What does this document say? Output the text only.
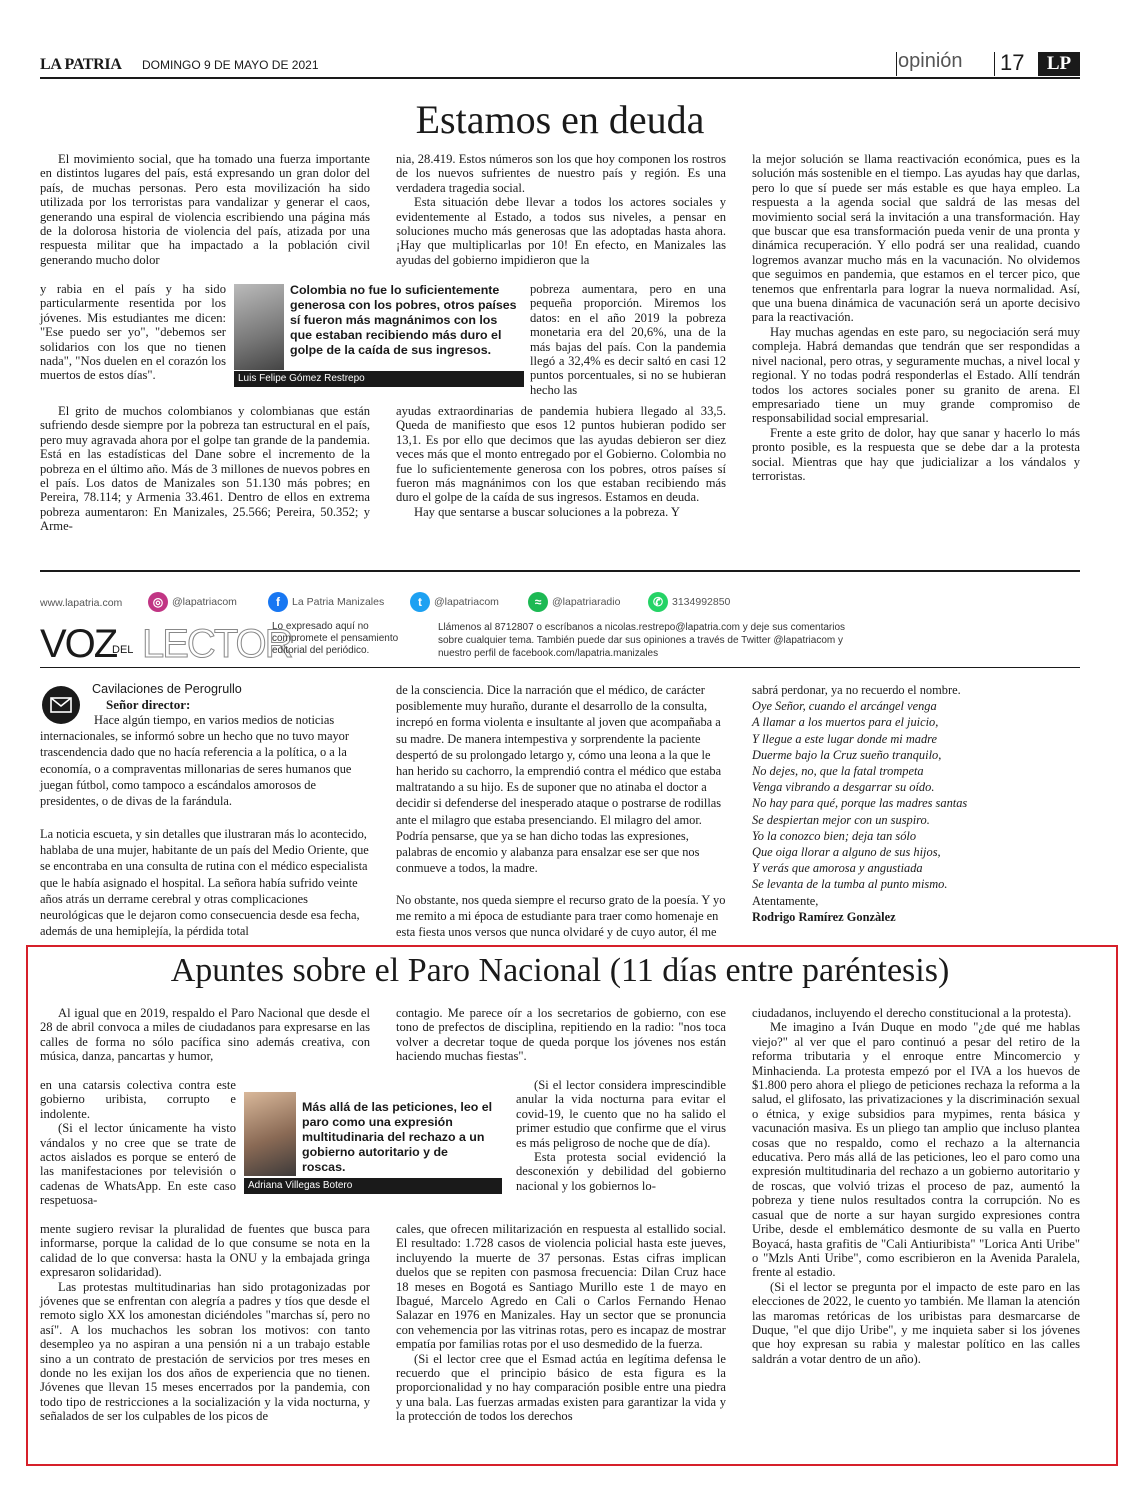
LA PATRIA DOMINGO 9 DE MAYO DE 2021	opinión 17	LP
Estamos en deuda

El movimiento social, que ha tomado una fuerza importante en distintos lugares del país, está expresando un gran dolor del país, de muchas personas. Pero esta movilización ha sido utilizada por los terroristas para vandalizar y generar el caos, generando una espiral de violencia escribiendo una página más de la dolorosa historia de violencia del país, atizada por una respuesta militar que ha impactado a la población civil generando mucho dolor

y rabia en el país y ha sido particularmente resentida por los jóvenes. Mis estudiantes me dicen: "Ese puedo ser yo", "debemos ser solidarios con los que no tienen nada", "Nos duelen en el corazón los muertos de estos días".

El grito de muchos colombianos y colombianas que están sufriendo desde siempre por la pobreza tan estructural en el país, pero muy agravada ahora por el golpe tan grande de la pandemia. Está en las estadísticas del Dane sobre el incremento de la pobreza en el último año. Más de 3 millones de nuevos pobres en el país. Los datos de Manizales son 51.130 más pobres; en Pereira, 78.114; y Armenia 33.461. Dentro de ellos en extrema pobreza aumentaron: En Manizales, 25.566; Pereira, 50.352; y Arme-

nia, 28.419. Estos números son los que hoy componen los rostros de los nuevos sufrientes de nuestro país y región. Es una verdadera tragedia social.

Esta situación debe llevar a todos los actores sociales y evidentemente al Estado, a todos sus niveles, a pensar en soluciones mucho más generosas que las adoptadas hasta ahora. ¡Hay que multiplicarlas por 10! En efecto, en Manizales las ayudas del gobierno impidieron que la

pobreza aumentara, pero en una pequeña proporción. Miremos los datos: en el año 2019 la pobreza monetaria era del 20,6%, una de la más bajas del país. Con la pandemia llegó a 32,4% es decir saltó en casi 12 puntos porcentuales, si no se hubieran hecho las

ayudas extraordinarias de pandemia hubiera llegado al 33,5. Queda de manifiesto que esos 12 puntos hubieran podido ser 13,1. Es por ello que decimos que las ayudas debieron ser diez veces más que el monto entregado por el Gobierno. Colombia no fue lo suficientemente generosa con los pobres, otros países sí fueron más magnánimos con los que estaban recibiendo más duro el golpe de la caída de sus ingresos. Estamos en deuda.

Hay que sentarse a buscar soluciones a la pobreza. Y

la mejor solución se llama reactivación económica, pues es la solución más sostenible en el tiempo. Las ayudas hay que darlas, pero lo que sí puede ser más estable es que haya empleo. La respuesta a la agenda social que saldrá de las mesas del movimiento social será la invitación a una transformación. Hay que buscar que esa transformación pueda venir de una pronta y dinámica recuperación. Y ello podrá ser una realidad, cuando logremos avanzar mucho más en la vacunación. No olvidemos que seguimos en pandemia, que estamos en el tercer pico, que tenemos que enfrentarla para lograr la nueva normalidad. Así, que una buena dinámica de vacunación será un aporte decisivo para la reactivación.

Hay muchas agendas en este paro, su negociación será muy compleja. Habrá demandas que tendrán que ser respondidas a nivel nacional, pero otras, y seguramente muchas, a nivel local y regional. Y no todas podrá responderlas el Estado. Allí tendrán todos los actores sociales poner su granito de arena. El empresariado tiene un muy grande compromiso de responsabilidad social empresarial.

Frente a este grito de dolor, hay que sanar y hacerlo lo más pronto posible, es la respuesta que se debe dar a la protesta social. Mientras que hay que judicializar a los vándalos y terroristas.

Colombia no fue lo suficientemente generosa con los pobres, otros países sí fueron más magnánimos con los que estaban recibiendo más duro el golpe de la caída de sus ingresos.
Luis Felipe Gómez Restrepo
www.lapatria.com	◎ @lapatriacom	f La Patria Manizales	t @lapatriacom	≈ @lapatriaradio	✆ 3134992850
VOZ
DEL LECTOR
Lo expresado aquí no compromete el pensamiento editorial del periódico.
Llámenos al 8712807 o escríbanos a nicolas.restrepo@lapatria.com y deje sus comentarios sobre cualquier tema. También puede dar sus opiniones a través de Twitter @lapatriacom y nuestro perfil de facebook.com/lapatria.manizales
Cavilaciones de Perogrullo
Señor director:
Hace algún tiempo, en varios medios de noticias internacionales, se informó sobre un hecho que no tuvo mayor trascendencia dado que no hacía referencia a la política, o a la economía, o a compraventas millonarias de seres humanos que juegan fútbol, como tampoco a escándalos amorosos de presidentes, o de divas de la farándula.
La noticia escueta, y sin detalles que ilustraran más lo acontecido, hablaba de una mujer, habitante de un país del Medio Oriente, que se encontraba en una consulta de rutina con el médico especialista que le había asignado el hospital. La señora había sufrido veinte años atrás un derrame cerebral y otras complicaciones neurológicas que le dejaron como consecuencia desde esa fecha, además de una hemiplejía, la pérdida total
de la consciencia. Dice la narración que el médico, de carácter posiblemente muy huraño, durante el desarrollo de la consulta, increpó en forma violenta e insultante al joven que acompañaba a su madre. De manera intempestiva y sorprendente la paciente despertó de su prolongado letargo y, cómo una leona a la que le han herido su cachorro, la emprendió contra el médico que estaba maltratando a su hijo. Es de suponer que no atinaba el doctor a decidir si defenderse del inesperado ataque o postrarse de rodillas ante el milagro que estaba presenciando. El milagro del amor. Podría pensarse, que ya se han dicho todas las expresiones, palabras de encomio y alabanza para ensalzar ese ser que nos conmueve a todos, la madre.
No obstante, nos queda siempre el recurso grato de la poesía. Y yo me remito a mi época de estudiante para traer como homenaje en esta fiesta unos versos que nunca olvidaré y de cuyo autor, él me
sabrá perdonar, ya no recuerdo el nombre.
Oye Señor, cuando el arcángel venga
A llamar a los muertos para el juicio,
Y llegue a este lugar donde mi madre
Duerme bajo la Cruz sueño tranquilo,
No dejes, no, que la fatal trompeta
Venga vibrando a desgarrar su oído.
No hay para qué, porque las madres santas
Se despiertan mejor con un suspiro.
Yo la conozco bien; deja tan sólo
Que oiga llorar a alguno de sus hijos,
Y verás que amorosa y angustiada
Se levanta de la tumba al punto mismo.
Atentamente,
Rodrigo Ramírez Gonzàlez
Apuntes sobre el Paro Nacional (11 días entre paréntesis)

Al igual que en 2019, respaldo el Paro Nacional que desde el 28 de abril convoca a miles de ciudadanos para expresarse en las calles de forma no sólo pacífica sino además creativa, con música, danza, pancartas y humor,

en una catarsis colectiva contra este gobierno uribista, corrupto e indolente.

(Si el lector únicamente ha visto vándalos y no cree que se trate de actos aislados es porque se enteró de las manifestaciones por televisión o cadenas de WhatsApp. En este caso respetuosa-

mente sugiero revisar la pluralidad de fuentes que busca para informarse, porque la calidad de lo que consume se nota en la calidad de lo que conversa: hasta la ONU y la embajada gringa expresaron solidaridad).

Las protestas multitudinarias han sido protagonizadas por jóvenes que se enfrentan con alegría a padres y tíos que desde el remoto siglo XX los amonestan diciéndoles "marchas sí, pero no así". A los muchachos les sobran los motivos: con tanto desempleo ya no aspiran a una pensión ni a un trabajo estable sino a un contrato de prestación de servicios por tres meses en donde no les exijan los dos años de experiencia que no tienen. Jóvenes que llevan 15 meses encerrados por la pandemia, con todo tipo de restricciones a la socialización y la vida nocturna, y señalados de ser los culpables de los picos de

contagio. Me parece oír a los secretarios de gobierno, con ese tono de prefectos de disciplina, repitiendo en la radio: "nos toca volver a decretar toque de queda porque los jóvenes nos están haciendo muchas fiestas".

(Si el lector considera imprescindible anular la vida nocturna para evitar el covid-19, le cuento que no ha salido el primer estudio que confirme que el virus es más peligroso de noche que de día).

Esta protesta social evidenció la desconexión y debilidad del gobierno nacional y los gobiernos lo-

cales, que ofrecen militarización en respuesta al estallido social. El resultado: 1.728 casos de violencia policial hasta este jueves, incluyendo la muerte de 37 personas. Estas cifras implican duelos que se repiten con pasmosa frecuencia: Dilan Cruz hace 18 meses en Bogotá es Santiago Murillo este 1 de mayo en Ibagué, Marcelo Agredo en Cali o Carlos Fernando Henao Salazar en 1976 en Manizales. Hay un sector que se pronuncia con vehemencia por las vitrinas rotas, pero es incapaz de mostrar empatía por familias rotas por el uso desmedido de la fuerza.

(Si el lector cree que el Esmad actúa en legítima defensa le recuerdo que el principio básico de esta figura es la proporcionalidad y no hay comparación posible entre una piedra y una bala. Las fuerzas armadas existen para garantizar la vida y la protección de todos los derechos

ciudadanos, incluyendo el derecho constitucional a la protesta).

Me imagino a Iván Duque en modo "¿de qué me hablas viejo?" al ver que el paro continuó a pesar del retiro de la reforma tributaria y el enroque entre Mincomercio y Minhacienda. La protesta empezó por el IVA a los huevos de $1.800 pero ahora el pliego de peticiones rechaza la reforma a la salud, el glifosato, las privatizaciones y la discriminación sexual o étnica, y exige subsidios para mypimes, renta básica y vacunación masiva. Es un pliego tan amplio que incluso plantea cosas que no respaldo, como el rechazo a la alternancia educativa. Pero más allá de las peticiones, leo el paro como una expresión multitudinaria del rechazo a un gobierno autoritario y de roscas, que volvió trizas el proceso de paz, aumentó la pobreza y tiene nulos resultados contra la corrupción. No es casual que de norte a sur hayan surgido expresiones contra Uribe, desde el emblemático desmonte de su valla en Puerto Boyacá, hasta grafitis de "Cali Antiuribista" "Lorica Anti Uribe" o "Mzls Anti Uribe", como escribieron en la Avenida Paralela, frente al estadio.

(Si el lector se pregunta por el impacto de este paro en las elecciones de 2022, le cuento yo también. Me llaman la atención las maromas retóricas de los uribistas para desmarcarse de Duque, "el que dijo Uribe", y me inquieta saber si los jóvenes que hoy expresan su rabia y malestar político en las calles saldrán a votar dentro de un año).

Más allá de las peticiones, leo el paro como una expresión multitudinaria del rechazo a un gobierno autoritario y de roscas.
Adriana Villegas Botero
